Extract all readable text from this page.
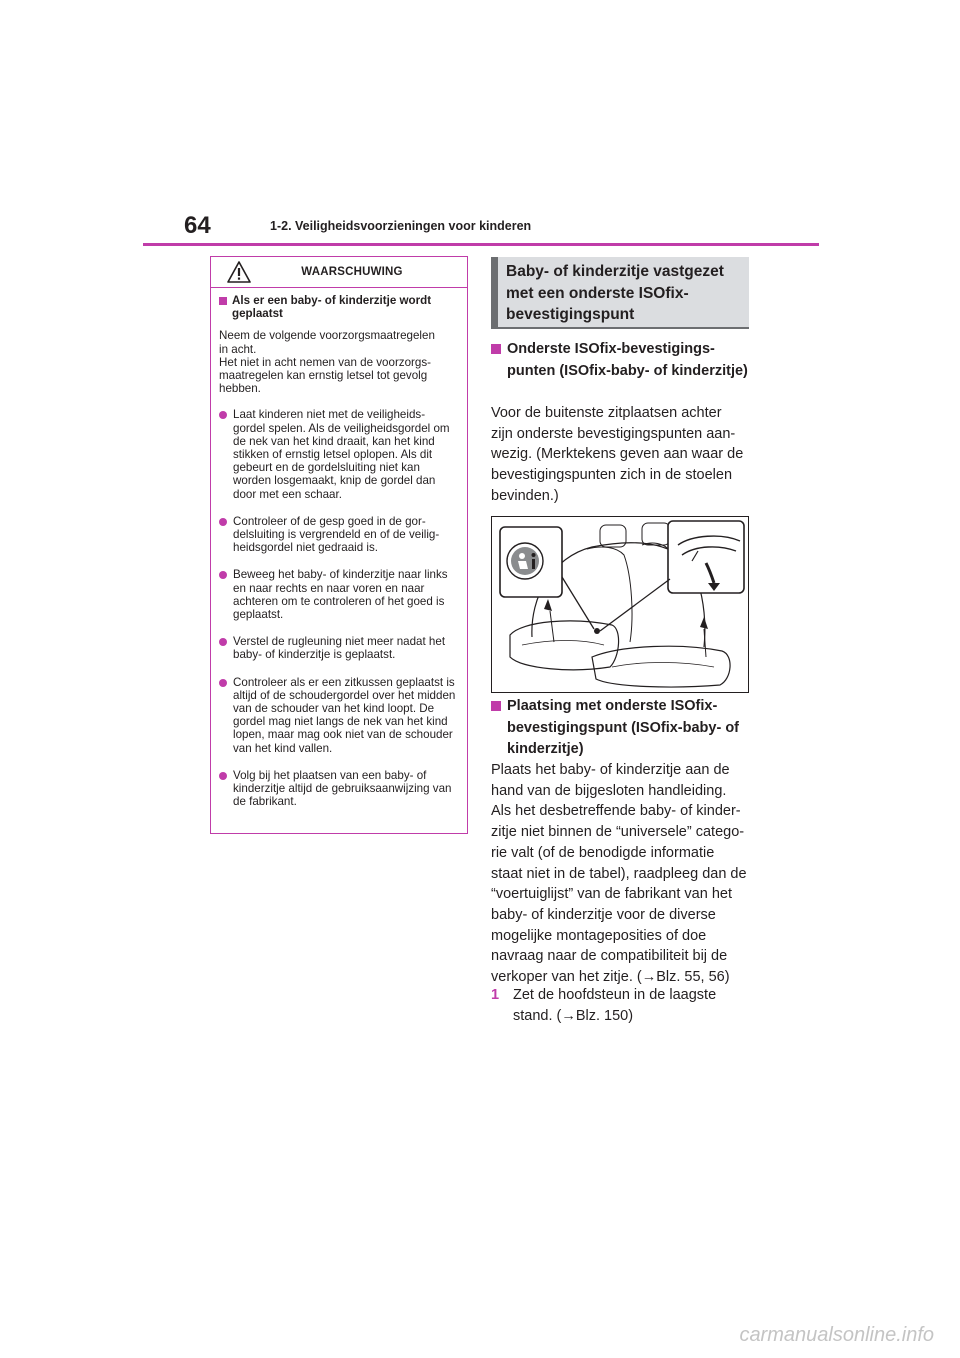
64	1-2. Veiligheidsvoorzieningen voor kinderen
WAARSCHUWING
Als er een baby- of kinderzitje wordt geplaatst
Neem de volgende voorzorgsmaatregelen
in acht.
Het niet in acht nemen van de voorzorgs-
maatregelen kan ernstig letsel tot gevolg
hebben.
Laat kinderen niet met de veiligheids-gordel spelen. Als de veiligheidsgordel om de nek van het kind draait, kan het kind stikken of ernstig letsel oplopen. Als dit gebeurt en de gordelsluiting niet kan worden losgemaakt, knip de gordel dan door met een schaar.
Controleer of de gesp goed in de gor-delsluiting is vergrendeld en of de veilig-heidsgordel niet gedraaid is.
Beweeg het baby- of kinderzitje naar links en naar rechts en naar voren en naar achteren om te controleren of het goed is geplaatst.
Verstel de rugleuning niet meer nadat het baby- of kinderzitje is geplaatst.
Controleer als er een zitkussen geplaatst is altijd of de schoudergordel over het midden van de schouder van het kind loopt. De gordel mag niet langs de nek van het kind lopen, maar mag ook niet van de schouder van het kind vallen.
Volg bij het plaatsen van een baby- of kinderzitje altijd de gebruiksaanwijzing van de fabrikant.
Baby- of kinderzitje vastgezet met een onderste ISOfix-bevestigingspunt
Onderste ISOfix-bevestigings-punten (ISOfix-baby- of kinderzitje)
Voor de buitenste zitplaatsen achter
zijn onderste bevestigingspunten aan-
wezig. (Merktekens geven aan waar de
bevestigingspunten zich in de stoelen
bevinden.)
Plaatsing met onderste ISOfix-bevestigingspunt (ISOfix-baby- of kinderzitje)
Plaats het baby- of kinderzitje aan de
hand van de bijgesloten handleiding.
Als het desbetreffende baby- of kinder-
zitje niet binnen de “universele” catego-
rie valt (of de benodigde informatie
staat niet in de tabel), raadpleeg dan de
“voertuiglijst” van de fabrikant van het
baby- of kinderzitje voor de diverse
mogelijke montageposities of doe
navraag naar de compatibiliteit bij de
verkoper van het zitje. (→Blz. 55, 56)
1 Zet de hoofdsteun in de laagste
stand. (→Blz. 150)
carmanualsonline.info
